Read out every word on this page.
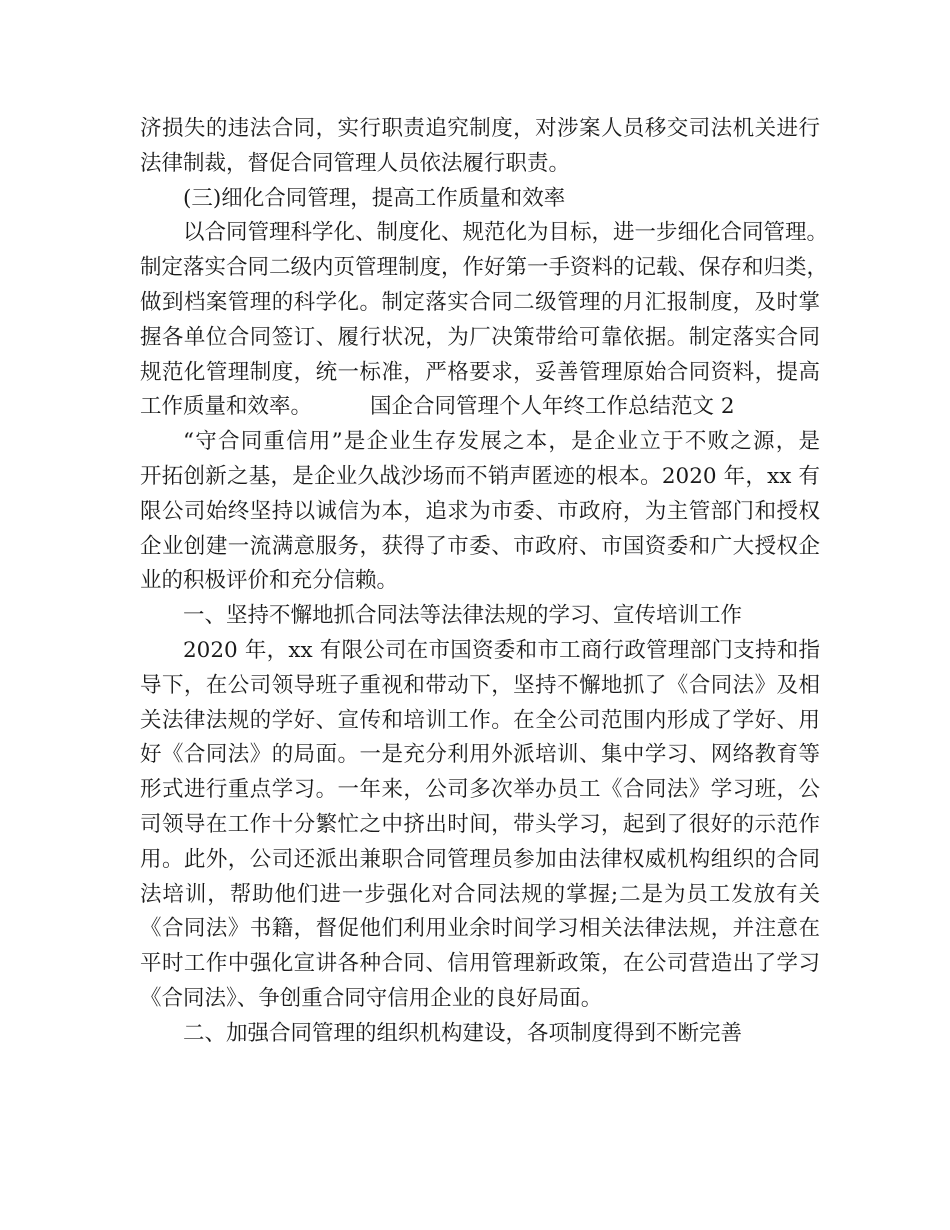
济损失的违法合同，实行职责追究制度，对涉案人员移交司法机关进行
法律制裁，督促合同管理人员依法履行职责。
(三)细化合同管理，提高工作质量和效率
以合同管理科学化、制度化、规范化为目标，进一步细化合同管理。
制定落实合同二级内页管理制度，作好第一手资料的记载、保存和归类，
做到档案管理的科学化。制定落实合同二级管理的月汇报制度，及时掌
握各单位合同签订、履行状况，为厂决策带给可靠依据。制定落实合同
规范化管理制度，统一标准，严格要求，妥善管理原始合同资料，提高
工作质量和效率。	国企合同管理个人年终工作总结范文 2
“守合同重信用”是企业生存发展之本，是企业立于不败之源，是
开拓创新之基，是企业久战沙场而不销声匿迹的根本。2020 年，xx 有
限公司始终坚持以诚信为本，追求为市委、市政府，为主管部门和授权
企业创建一流满意服务，获得了市委、市政府、市国资委和广大授权企
业的积极评价和充分信赖。
一、坚持不懈地抓合同法等法律法规的学习、宣传培训工作
2020 年，xx 有限公司在市国资委和市工商行政管理部门支持和指
导下，在公司领导班子重视和带动下，坚持不懈地抓了《合同法》及相
关法律法规的学好、宣传和培训工作。在全公司范围内形成了学好、用
好《合同法》的局面。一是充分利用外派培训、集中学习、网络教育等
形式进行重点学习。一年来，公司多次举办员工《合同法》学习班，公
司领导在工作十分繁忙之中挤出时间，带头学习，起到了很好的示范作
用。此外，公司还派出兼职合同管理员参加由法律权威机构组织的合同
法培训，帮助他们进一步强化对合同法规的掌握;二是为员工发放有关
《合同法》书籍，督促他们利用业余时间学习相关法律法规，并注意在
平时工作中强化宣讲各种合同、信用管理新政策，在公司营造出了学习
《合同法》、争创重合同守信用企业的良好局面。
二、加强合同管理的组织机构建设，各项制度得到不断完善
